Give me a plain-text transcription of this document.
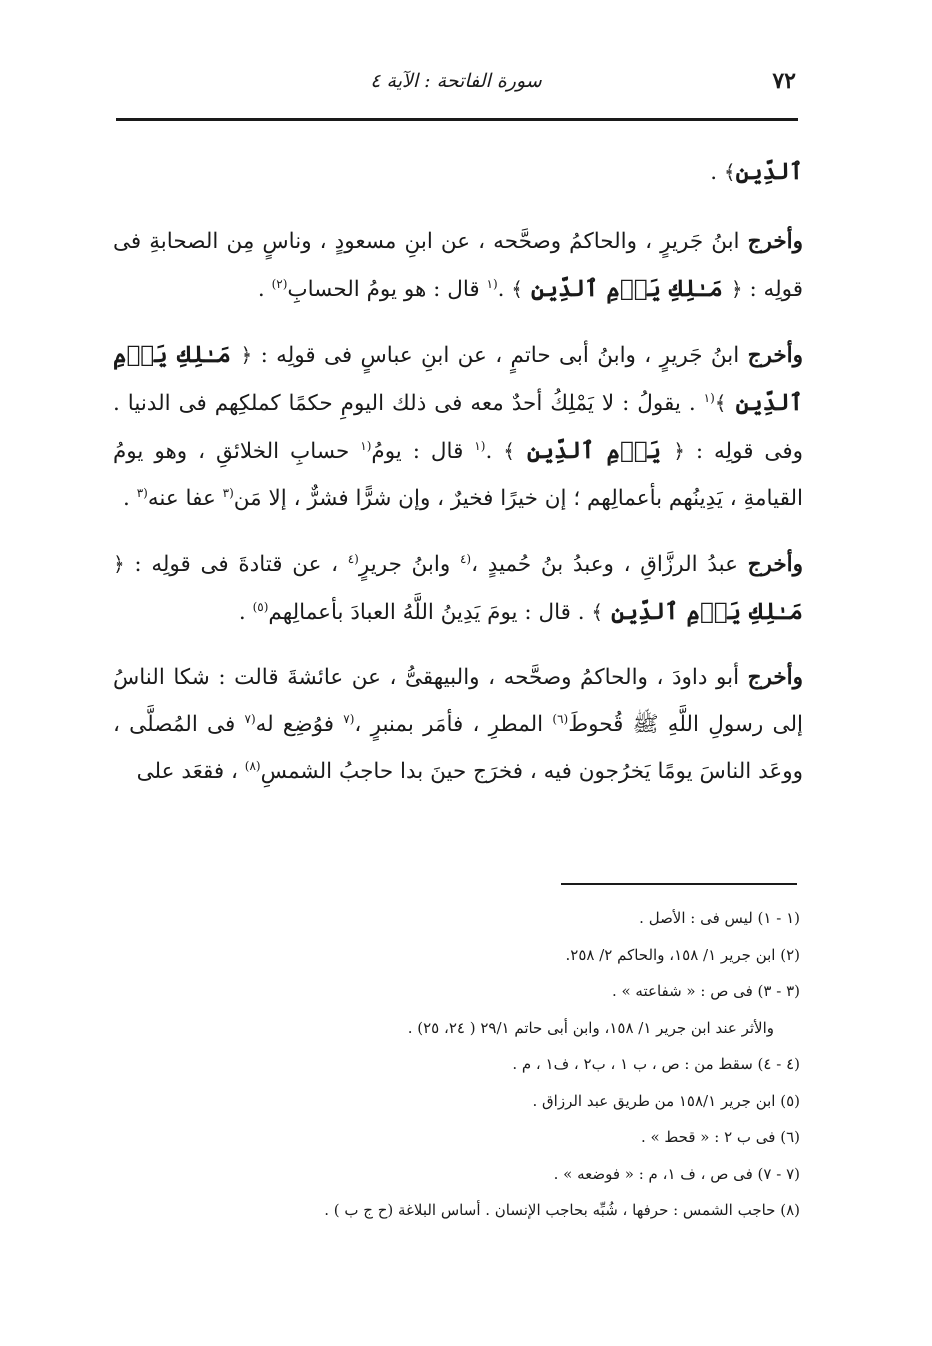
٧٢
سورة الفاتحة : الآية ٤

ٱلدِّينِ﴾ .

وأخرج ابنُ جَريرٍ ، والحاكمُ وصحَّحه ، عن ابنِ مسعودٍ ، وناسٍ مِن الصحابةِ فى قولِه : ﴿ مَـٰلِكِ يَوۡمِ ٱلدِّينِ ﴾ .$^{(١}$ قال : هو يومُ الحسابِ$^{(٢)}$ .

وأخرج ابنُ جَريرٍ ، وابنُ أبى حاتمٍ ، عن ابنِ عباسٍ فى قولِه : ﴿ مَـٰلِكِ يَوۡمِ ٱلدِّينِ ﴾$^{(١}$ . يقولُ : لا يَمْلِكُ أحدٌ معه فى ذلك اليومِ حكمًا كملكِهم فى الدنيا . وفى قولِه : ﴿ يَوۡمِ ٱلدِّينِ ﴾ .$^{(١}$ قال : يومُ$^{(١}$ حسابِ الخلائقِ ، وهو يومُ القيامةِ ، يَدِينُهم بأعمالِهم ؛ إن خيرًا فخيرٌ ، وإن شرًّا فشرٌّ ، إلا مَن$^{(٣}$ عفا عنه$^{(٣}$ .

وأخرج عبدُ الرزَّاقِ ، وعبدُ بنُ حُميدٍ ،$^{(٤}$ وابنُ جريرٍ$^{(٤}$ ، عن قتادةَ فى قولِه : ﴿ مَـٰلِكِ يَوۡمِ ٱلدِّينِ ﴾ . قال : يومَ يَدِينُ اللَّهُ العبادَ بأعمالِهم$^{(٥)}$ .

وأخرج أبو داودَ ، والحاكمُ وصحَّحه ، والبيهقىُّ ، عن عائشةَ قالت : شكا الناسُ إلى رسولِ اللَّهِ ﷺ قُحوطَ$^{(٦)}$ المطرِ ، فأمَر بمنبرٍ ،$^{(٧}$ فوُضِع له$^{(٧}$ فى المُصلَّى ، ووعَد الناسَ يومًا يَخرُجون فيه ، فخرَج حينَ بدا حاجبُ الشمسِ$^{(٨)}$ ، فقعَد على

(١ - ١) ليس فى : الأصل .
(٢) ابن جرير ١/ ١٥٨، والحاكم ٢/ ٢٥٨.
(٣ - ٣) فى ص : « شفاعته » .
والأثر عند ابن جرير ١/ ١٥٨، وابن أبى حاتم ٢٩/١ ( ٢٤، ٢٥) .
(٤ - ٤) سقط من : ص ، ب ١ ، ب٢ ، ف١ ، م .
(٥) ابن جرير ١٥٨/١ من طريق عبد الرزاق .
(٦) فى ب ٢ : « قحط » .
(٧ - ٧) فى ص ، ف ١، م : « فوضعه » .
(٨) حاجب الشمس : حرفها ، شُبِّه بحاجب الإنسان . أساس البلاغة (ح ج ب ) .
